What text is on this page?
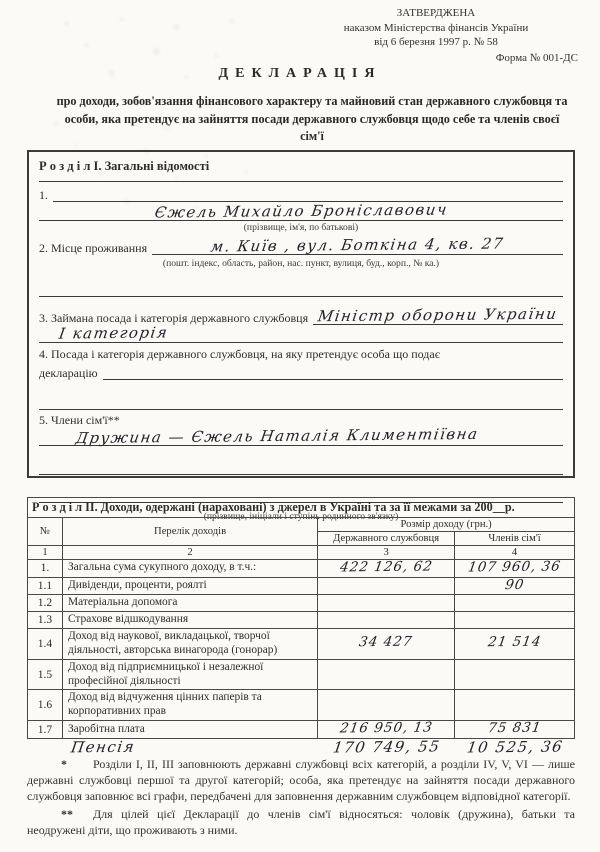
ЗАТВЕРДЖЕНА
наказом Міністерства фінансів України
від 6 березня 1997 р. № 58
Форма № 001-ДС
ДЕКЛАРАЦІЯ
про доходи, зобов'язання фінансового характеру та майновий стан державного службовця та особи, яка претендує на зайняття посади державного службовця щодо себе та членів своєї сім'ї
Р о з д і л I. Загальні відомості
1.
Єжель Михайло Броніславович
(прізвище, ім'я, по батькові)
2. Місце проживання	м. Київ , вул. Боткіна 4, кв. 27
(пошт. індекс, область, район, нас. пункт, вулиця, буд., корп., № ка.)
3. Займана посада і категорія державного службовця Міністр оборони України
I категорія
4. Посада і категорія державного службовця, на яку претендує особа що подає
декларацію
5. Члени сім'ї**
Дружина — Єжель Наталія Климентіївна
(прізвище, ініціали і ступінь родинного зв'язку)
Р о з д і л II. Доходи, одержані (нараховані) з джерел в Україні та за її межами за 200__р.			
№	Перелік доходів	Розмір доходу (грн.)	
		Державного службовця	Членів сім'ї
1	2	3	4
1.	Загальна сума сукупного доходу, в т.ч.:	422 126, 62	107 960, 36
1.1	Дивіденди, проценти, роялті		90
1.2	Матеріальна допомога		
1.3	Страхове відшкодування		
1.4	Доход від наукової, викладацької, творчої діяльності, авторська винагорода (гонорар)	34 427	21 514
1.5	Доход від підприємницької і незалежної професійної діяльності		
1.6	Доход від відчуження цінних паперів та корпоративних прав		
1.7	Заробітна плата	216 950, 13	75 831
Пенсія	170 749, 55	10 525, 36

* Розділи I, II, III заповнюють державні службовці всіх категорій, а розділи IV, V, VI — лише державні службовці першої та другої категорій; особа, яка претендує на зайняття посади державного службовця заповнює всі графи, передбачені для заповнення державним службовцем відповідної категорії.

** Для цілей цієї Декларації до членів сім'ї відносяться: чоловік (дружина), батьки та неодружені діти, що проживають з ними.
